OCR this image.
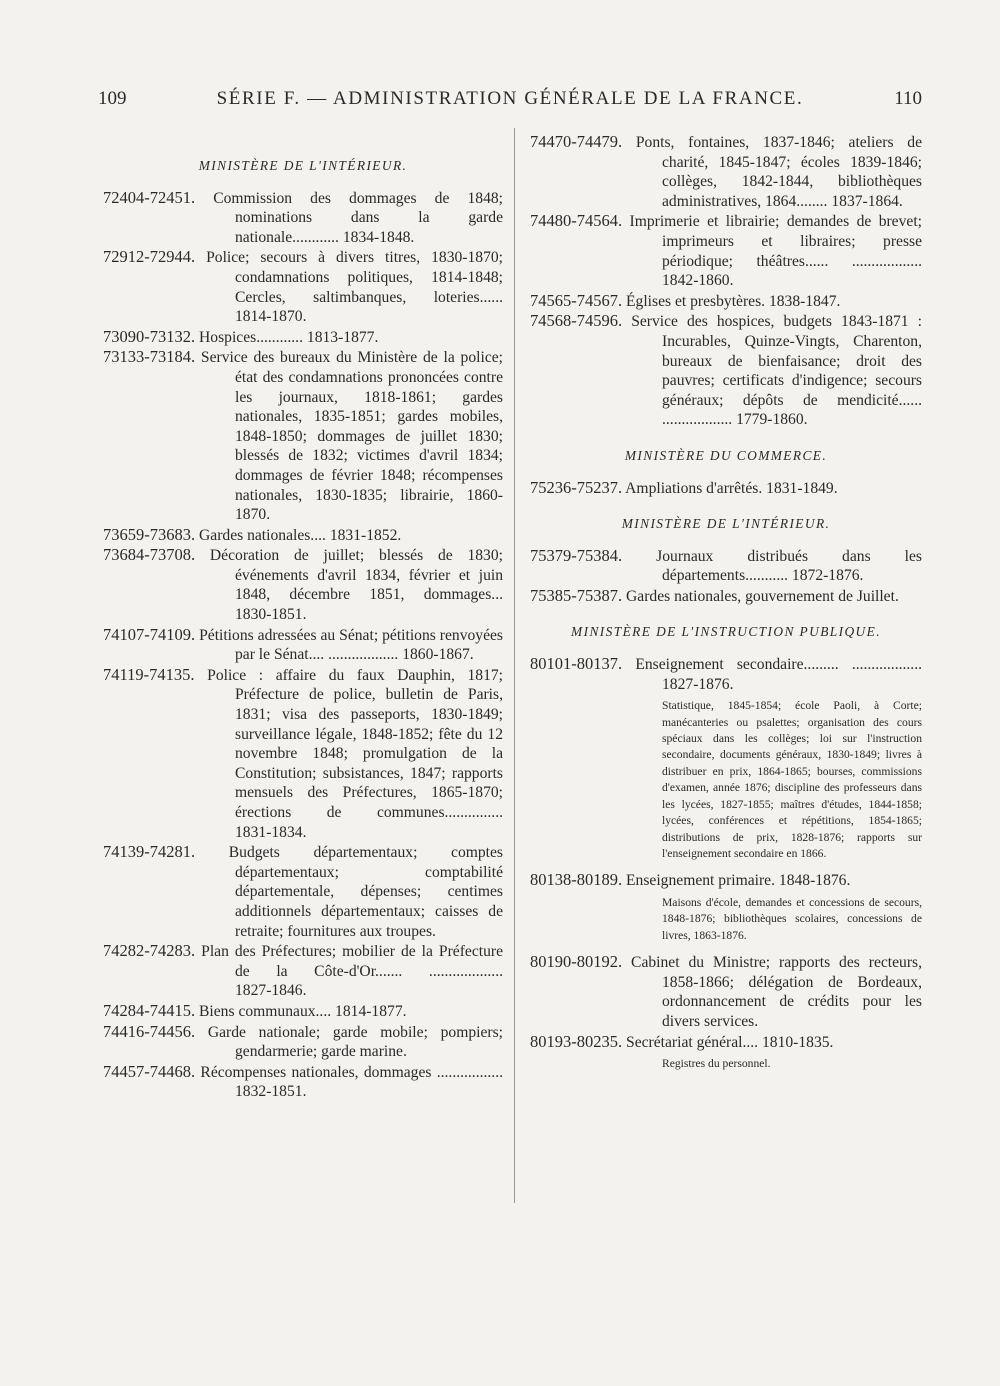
109	SÉRIE F. — ADMINISTRATION GÉNÉRALE DE LA FRANCE.	110
MINISTÈRE DE L'INTÉRIEUR.

72404-72451. Commission des dommages de 1848; nominations dans la garde nationale............ 1834-1848.

72912-72944. Police; secours à divers titres, 1830-1870; condamnations politiques, 1814-1848; Cercles, saltimbanques, loteries...... 1814-1870.

73090-73132. Hospices............ 1813-1877.

73133-73184. Service des bureaux du Ministère de la police; état des condamnations prononcées contre les journaux, 1818-1861; gardes nationales, 1835-1851; gardes mobiles, 1848-1850; dommages de juillet 1830; blessés de 1832; victimes d'avril 1834; dommages de février 1848; récompenses nationales, 1830-1835; librairie, 1860-1870.

73659-73683. Gardes nationales.... 1831-1852.

73684-73708. Décoration de juillet; blessés de 1830; événements d'avril 1834, février et juin 1848, décembre 1851, dommages... 1830-1851.

74107-74109. Pétitions adressées au Sénat; pétitions renvoyées par le Sénat.... .................. 1860-1867.

74119-74135. Police : affaire du faux Dauphin, 1817; Préfecture de police, bulletin de Paris, 1831; visa des passeports, 1830-1849; surveillance légale, 1848-1852; fête du 12 novembre 1848; promulgation de la Constitution; subsistances, 1847; rapports mensuels des Préfectures, 1865-1870; érections de communes............... 1831-1834.

74139-74281. Budgets départementaux; comptes départementaux; comptabilité départementale, dépenses; centimes additionnels départementaux; caisses de retraite; fournitures aux troupes.

74282-74283. Plan des Préfectures; mobilier de la Préfecture de la Côte-d'Or....... ................... 1827-1846.

74284-74415. Biens communaux.... 1814-1877.

74416-74456. Garde nationale; garde mobile; pompiers; gendarmerie; garde marine.

74457-74468. Récompenses nationales, dommages ................. 1832-1851.

74470-74479. Ponts, fontaines, 1837-1846; ateliers de charité, 1845-1847; écoles 1839-1846; collèges, 1842-1844, bibliothèques administratives, 1864........ 1837-1864.

74480-74564. Imprimerie et librairie; demandes de brevet; imprimeurs et libraires; presse périodique; théâtres...... .................. 1842-1860.

74565-74567. Églises et presbytères. 1838-1847.

74568-74596. Service des hospices, budgets 1843-1871 : Incurables, Quinze-Vingts, Charenton, bureaux de bienfaisance; droit des pauvres; certificats d'indigence; secours généraux; dépôts de mendicité...... .................. 1779-1860.

MINISTÈRE DU COMMERCE.

75236-75237. Ampliations d'arrêtés. 1831-1849.

MINISTÈRE DE L'INTÉRIEUR.

75379-75384. Journaux distribués dans les départements........... 1872-1876.

75385-75387. Gardes nationales, gouvernement de Juillet.

MINISTÈRE DE L'INSTRUCTION PUBLIQUE.

80101-80137. Enseignement secondaire......... .................. 1827-1876.

Statistique, 1845-1854; école Paoli, à Corte; manécanteries ou psalettes; organisation des cours spéciaux dans les collèges; loi sur l'instruction secondaire, documents généraux, 1830-1849; livres à distribuer en prix, 1864-1865; bourses, commissions d'examen, année 1876; discipline des professeurs dans les lycées, 1827-1855; maîtres d'études, 1844-1858; lycées, conférences et répétitions, 1854-1865; distributions de prix, 1828-1876; rapports sur l'enseignement secondaire en 1866.

80138-80189. Enseignement primaire. 1848-1876.

Maisons d'école, demandes et concessions de secours, 1848-1876; bibliothèques scolaires, concessions de livres, 1863-1876.

80190-80192. Cabinet du Ministre; rapports des recteurs, 1858-1866; délégation de Bordeaux, ordonnancement de crédits pour les divers services.

80193-80235. Secrétariat général.... 1810-1835.

Registres du personnel.
